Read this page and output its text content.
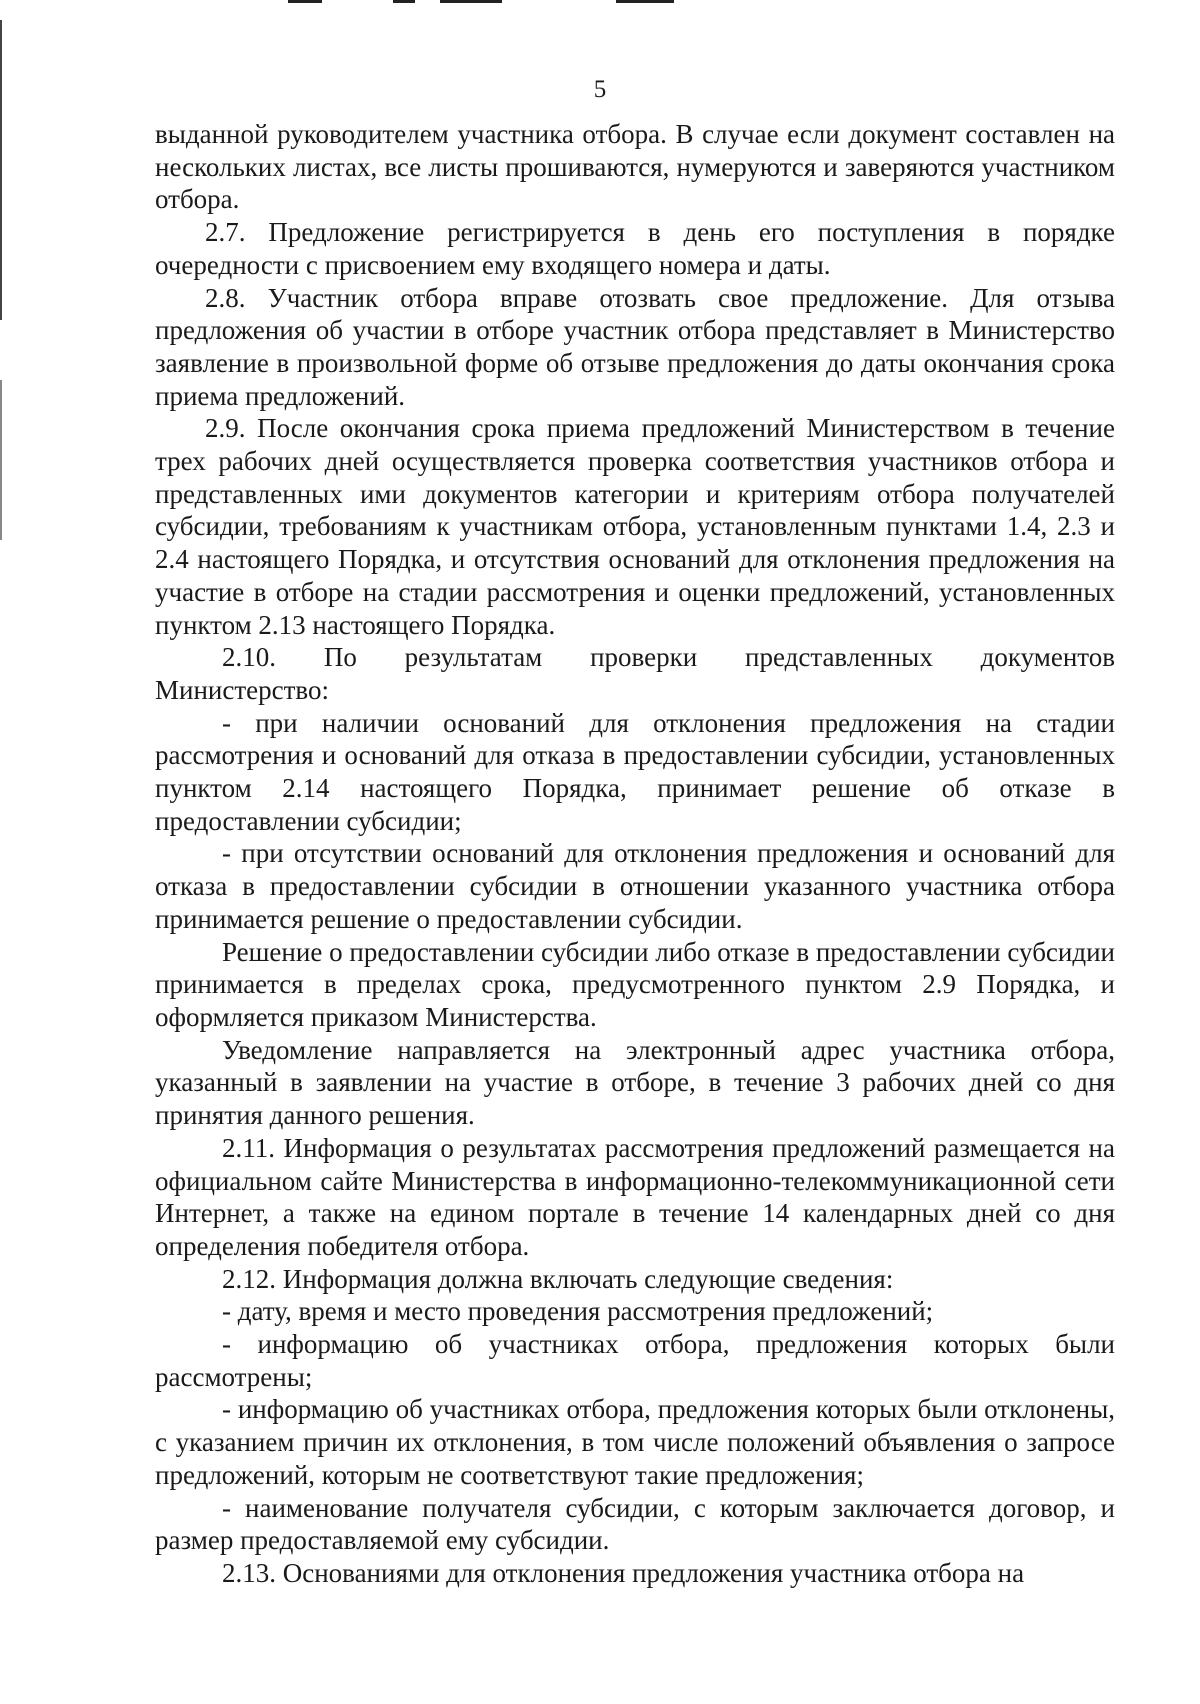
5

выданной руководителем участника отбора. В случае если документ составлен на нескольких листах, все листы прошиваются, нумеруются и заверяются участником отбора.

2.7. Предложение регистрируется в день его поступления в порядке очередности с присвоением ему входящего номера и даты.

2.8. Участник отбора вправе отозвать свое предложение. Для отзыва предложения об участии в отборе участник отбора представляет в Министерство заявление в произвольной форме об отзыве предложения до даты окончания срока приема предложений.

2.9. После окончания срока приема предложений Министерством в течение трех рабочих дней осуществляется проверка соответствия участников отбора и представленных ими документов категории и критериям отбора получателей субсидии, требованиям к участникам отбора, установленным пунктами 1.4, 2.3 и 2.4 настоящего Порядка, и отсутствия оснований для отклонения предложения на участие в отборе на стадии рассмотрения и оценки предложений, установленных пунктом 2.13 настоящего Порядка.

2.10. По результатам проверки представленных документов Министерство:

- при наличии оснований для отклонения предложения на стадии рассмотрения и оснований для отказа в предоставлении субсидии, установленных пунктом 2.14 настоящего Порядка, принимает решение об отказе в предоставлении субсидии;

- при отсутствии оснований для отклонения предложения и оснований для отказа в предоставлении субсидии в отношении указанного участника отбора принимается решение о предоставлении субсидии.

Решение о предоставлении субсидии либо отказе в предоставлении субсидии принимается в пределах срока, предусмотренного пунктом 2.9 Порядка, и оформляется приказом Министерства.

Уведомление направляется на электронный адрес участника отбора, указанный в заявлении на участие в отборе, в течение 3 рабочих дней со дня принятия данного решения.

2.11. Информация о результатах рассмотрения предложений размещается на официальном сайте Министерства в информационно-телекоммуникационной сети Интернет, а также на едином портале в течение 14 календарных дней со дня определения победителя отбора.

2.12. Информация должна включать следующие сведения:

- дату, время и место проведения рассмотрения предложений;

- информацию об участниках отбора, предложения которых были рассмотрены;

- информацию об участниках отбора, предложения которых были отклонены, с указанием причин их отклонения, в том числе положений объявления о запросе предложений, которым не соответствуют такие предложения;

- наименование получателя субсидии, с которым заключается договор, и размер предоставляемой ему субсидии.

2.13. Основаниями для отклонения предложения участника отбора на
